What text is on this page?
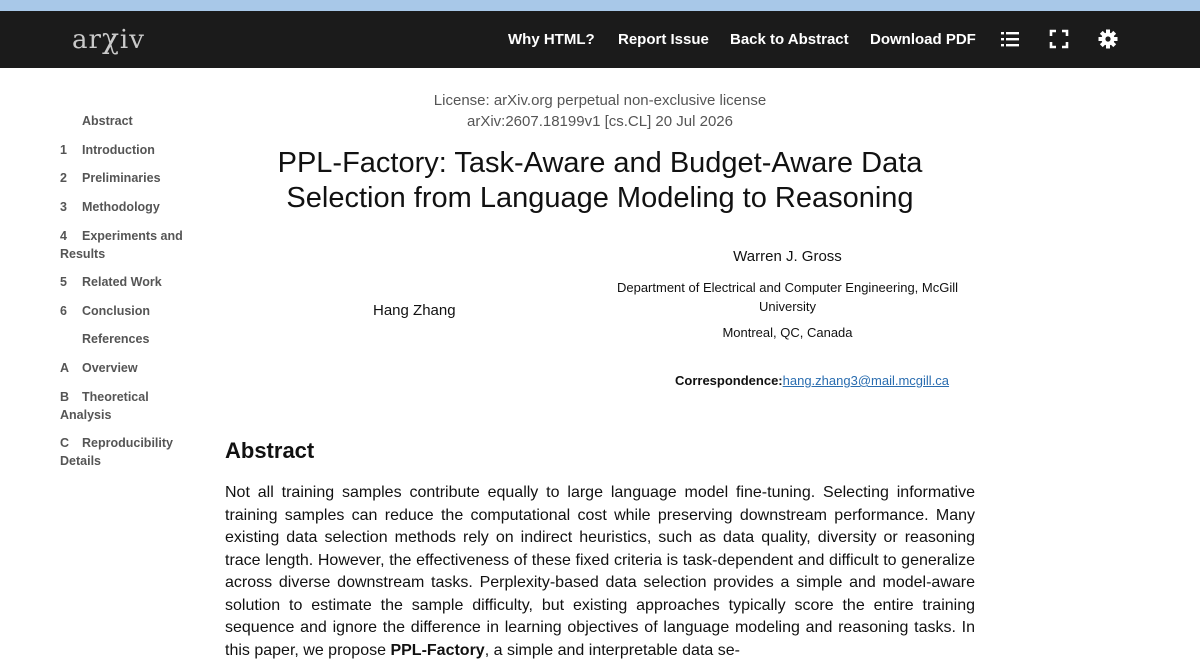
arχiv	Why HTML? Report Issue Back to Abstract Download PDF
Abstract
1 Introduction
2 Preliminaries
3 Methodology
4 Experiments and Results
5 Related Work
6 Conclusion
References
A Overview
B Theoretical Analysis
C Reproducibility Details
License: arXiv.org perpetual non-exclusive license
arXiv:2607.18199v1 [cs.CL] 20 Jul 2026
PPL-Factory: Task-Aware and Budget-Aware Data Selection from Language Modeling to Reasoning
Hang Zhang
Warren J. Gross
Department of Electrical and Computer Engineering, McGill University
Montreal, QC, Canada
Correspondence:hang.zhang3@mail.mcgill.ca
Abstract

Not all training samples contribute equally to large language model fine-tuning. Selecting informative training samples can reduce the computational cost while preserving downstream performance. Many existing data selection methods rely on indirect heuristics, such as data quality, diversity or reasoning trace length. However, the effectiveness of these fixed criteria is task-dependent and difficult to generalize across diverse downstream tasks. Perplexity-based data selection provides a simple and model-aware solution to estimate the sample difficulty, but existing approaches typically score the entire training sequence and ignore the difference in learning objectives of language modeling and reasoning tasks. In this paper, we propose PPL-Factory, a simple and interpretable data se-
